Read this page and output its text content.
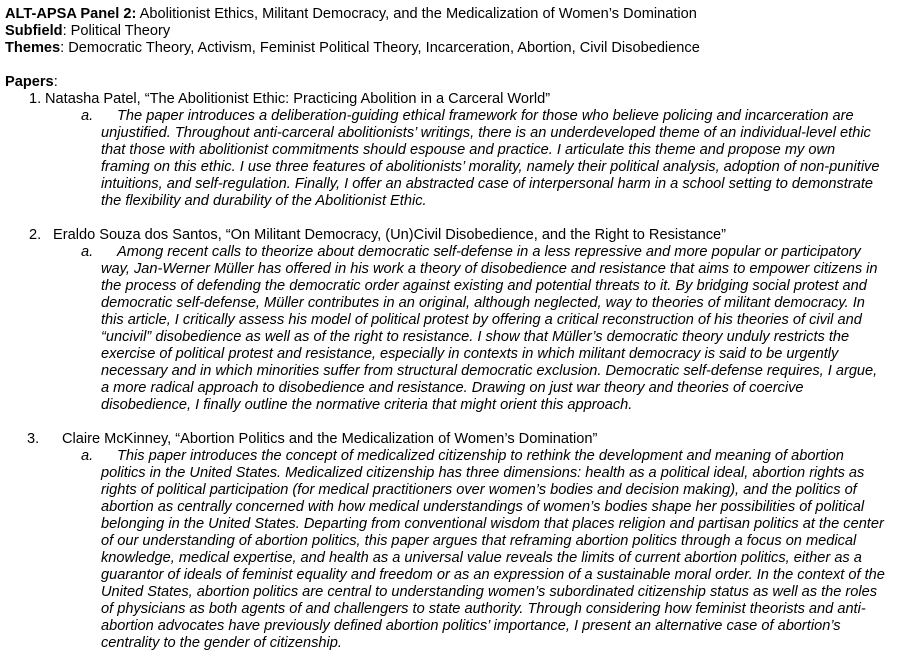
ALT-APSA Panel 2: Abolitionist Ethics, Militant Democracy, and the Medicalization of Women’s Domination
Subfield: Political Theory
Themes: Democratic Theory, Activism, Feminist Political Theory, Incarceration, Abortion, Civil Disobedience
Papers:
1. Natasha Patel, “The Abolitionist Ethic: Practicing Abolition in a Carceral World”
a. The paper introduces a deliberation-guiding ethical framework for those who believe policing and incarceration are unjustified. Throughout anti-carceral abolitionists’ writings, there is an underdeveloped theme of an individual-level ethic that those with abolitionist commitments should espouse and practice. I articulate this theme and propose my own framing on this ethic. I use three features of abolitionists’ morality, namely their political analysis, adoption of non-punitive intuitions, and self-regulation. Finally, I offer an abstracted case of interpersonal harm in a school setting to demonstrate the flexibility and durability of the Abolitionist Ethic.
2. Eraldo Souza dos Santos, “On Militant Democracy, (Un)Civil Disobedience, and the Right to Resistance”
a. Among recent calls to theorize about democratic self-defense in a less repressive and more popular or participatory way, Jan-Werner Müller has offered in his work a theory of disobedience and resistance that aims to empower citizens in the process of defending the democratic order against existing and potential threats to it. By bridging social protest and democratic self-defense, Müller contributes in an original, although neglected, way to theories of militant democracy. In this article, I critically assess his model of political protest by offering a critical reconstruction of his theories of civil and “uncivil” disobedience as well as of the right to resistance. I show that Müller’s democratic theory unduly restricts the exercise of political protest and resistance, especially in contexts in which militant democracy is said to be urgently necessary and in which minorities suffer from structural democratic exclusion. Democratic self-defense requires, I argue, a more radical approach to disobedience and resistance. Drawing on just war theory and theories of coercive disobedience, I finally outline the normative criteria that might orient this approach.
3. Claire McKinney, “Abortion Politics and the Medicalization of Women’s Domination”
a. This paper introduces the concept of medicalized citizenship to rethink the development and meaning of abortion politics in the United States. Medicalized citizenship has three dimensions: health as a political ideal, abortion rights as rights of political participation (for medical practitioners over women’s bodies and decision making), and the politics of abortion as centrally concerned with how medical understandings of women’s bodies shape her possibilities of political belonging in the United States. Departing from conventional wisdom that places religion and partisan politics at the center of our understanding of abortion politics, this paper argues that reframing abortion politics through a focus on medical knowledge, medical expertise, and health as a universal value reveals the limits of current abortion politics, either as a guarantor of ideals of feminist equality and freedom or as an expression of a sustainable moral order. In the context of the United States, abortion politics are central to understanding women’s subordinated citizenship status as well as the roles of physicians as both agents of and challengers to state authority. Through considering how feminist theorists and anti-abortion advocates have previously defined abortion politics’ importance, I present an alternative case of abortion’s centrality to the gender of citizenship.
